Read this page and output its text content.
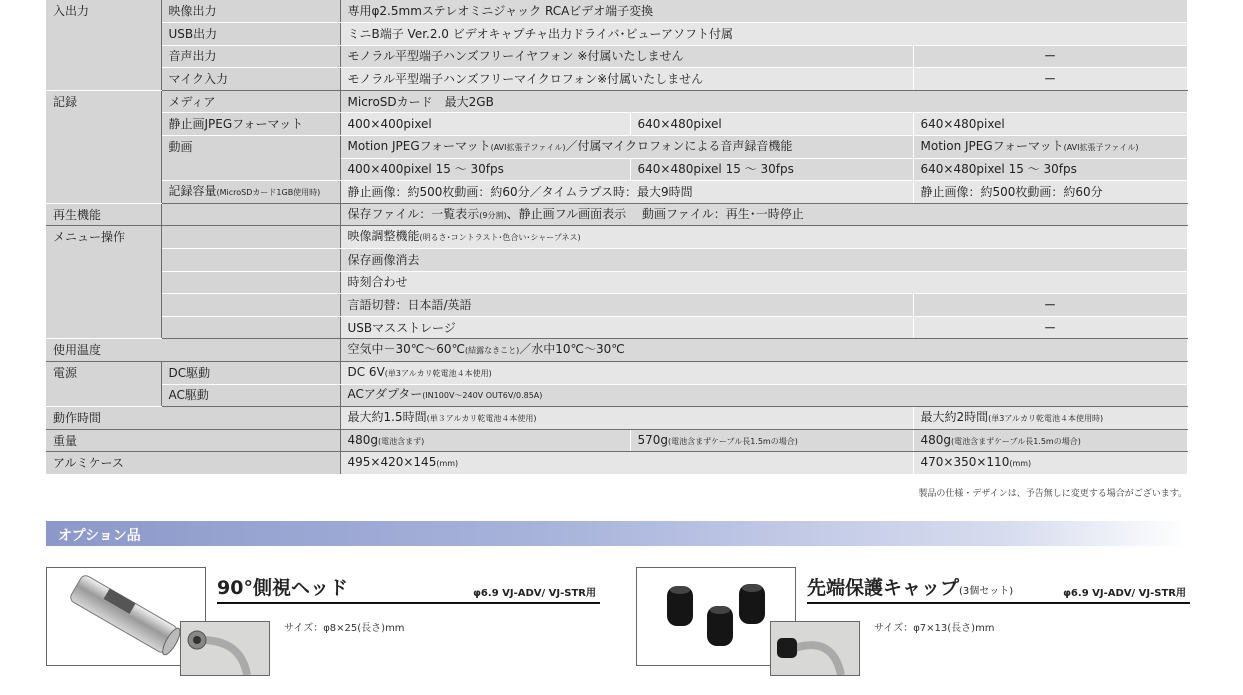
入出力	映像出力	専用φ2.5mmステレオミニジャック RCAビデオ端子変換		
	USB出力	ミニB端子 Ver.2.0 ビデオキャプチャ出力ドライバ･ビューアソフト付属		
	音声出力	モノラル平型端子ハンズフリーイヤフォン ※付属いたしません		－
	マイク入力	モノラル平型端子ハンズフリーマイクロフォン※付属いたしません		－
記録	メディア	MicroSDカード　最大2GB		
	静止画JPEGフォーマット	400×400pixel	640×480pixel	640×480pixel
	動画	Motion JPEGフォーマット(AVI拡張子ファイル)／付属マイクロフォンによる音声録音機能		Motion JPEGフォーマット(AVI拡張子ファイル)
		400×400pixel 15 ～ 30fps	640×480pixel 15 ～ 30fps	640×480pixel 15 ～ 30fps
	記録容量(MicroSDカード1GB使用時)	静止画像：約500枚動画：約60分／タイムラプス時：最大9時間		静止画像：約500枚動画：約60分
再生機能		保存ファイル：一覧表示(9分割)、静止画フル画面表示　 動画ファイル：再生･一時停止		
メニュー操作		映像調整機能(明るさ･コントラスト･色合い･シャープネス)		
		保存画像消去		
		時刻合わせ		
		言語切替：日本語/英語		－
		USBマスストレージ		－
使用温度		空気中－30℃～60℃(結露なきこと)／水中10℃～30℃		
電源	DC駆動	DC 6V(単3アルカリ乾電池４本使用)		
	AC駆動	ACアダプター(IN100V～240V OUT6V/0.85A)		
動作時間		最大約1.5時間(単３アルカリ乾電池４本使用)		最大約2時間(単3アルカリ乾電池４本使用時)
重量		480g(電池含まず)	570g(電池含まずケーブル長1.5mの場合)	480g(電池含まずケーブル長1.5mの場合)
アルミケース		495×420×145(mm)		470×350×110(mm)
製品の仕様・デザインは、予告無しに変更する場合がございます。
オプション品
90°側視ヘッド	φ6.9 VJ-ADV/ VJ-STR用
サイズ：φ8×25(長さ)mm
先端保護キャップ(3個セット)	φ6.9 VJ-ADV/ VJ-STR用
サイズ：φ7×13(長さ)mm
